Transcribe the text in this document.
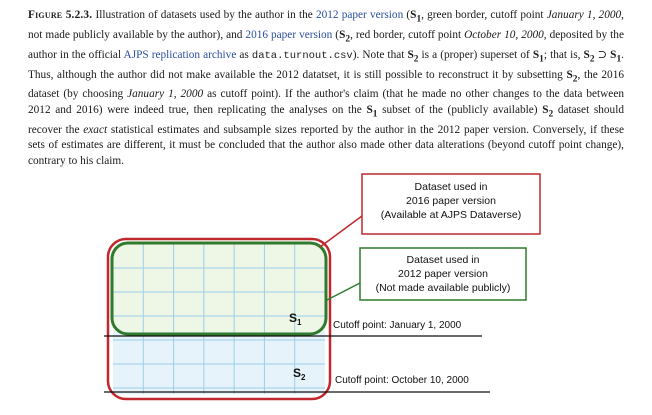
Figure 5.2.3. Illustration of datasets used by the author in the 2012 paper version ($S_1$, green border, cutoff point January 1, 2000, not made publicly available by the author), and 2016 paper version ($S_2$, red border, cutoff point October 10, 2000, deposited by the author in the official AJPS replication archive as data.turnout.csv). Note that $S_2$ is a (proper) superset of $S_1$; that is, $S_2$ ⊃ $S_1$. Thus, although the author did not make available the 2012 datatset, it is still possible to reconstruct it by subsetting $S_2$, the 2016 dataset (by choosing January 1, 2000 as cutoff point). If the author's claim (that he made no other changes to the data between 2012 and 2016) were indeed true, then replicating the analyses on the $S_1$ subset of the (publicly available) $S_2$ dataset should recover the exact statistical estimates and subsample sizes reported by the author in the 2012 paper version. Conversely, if these sets of estimates are different, it must be concluded that the author also made other data alterations (beyond cutoff point change), contrary to his claim.
Dataset used in
2016 paper version
(Available at AJPS Dataverse)
Dataset used in
2012 paper version
(Not made available publicly)
$S_1$
$S_2$
Cutoff point: January 1, 2000
Cutoff point: October 10, 2000
